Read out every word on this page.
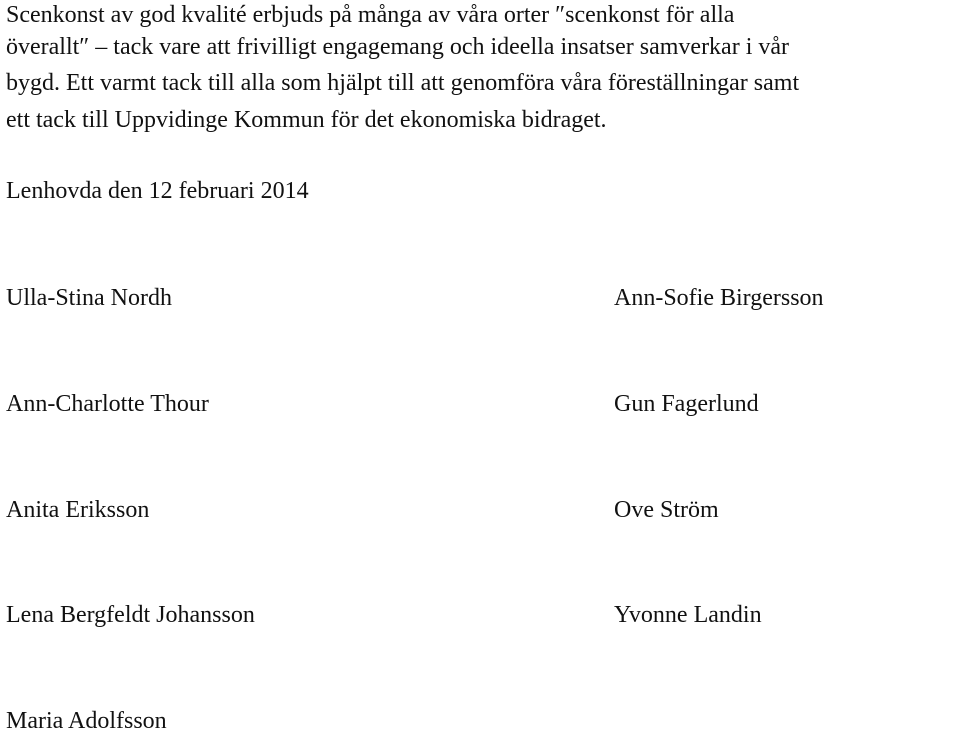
Scenkonst av god kvalité erbjuds på många av våra orter ″scenkonst för alla
överallt″ – tack vare att frivilligt engagemang och ideella insatser samverkar i vår
bygd. Ett varmt tack till alla som hjälpt till att genomföra våra föreställningar samt
ett tack till Uppvidinge Kommun för det ekonomiska bidraget.
Lenhovda den 12 februari 2014
Ulla-Stina Nordh	Ann-Sofie Birgersson
Ann-Charlotte Thour	Gun Fagerlund
Anita Eriksson	Ove Ström
Lena Bergfeldt Johansson	Yvonne Landin
Maria Adolfsson
